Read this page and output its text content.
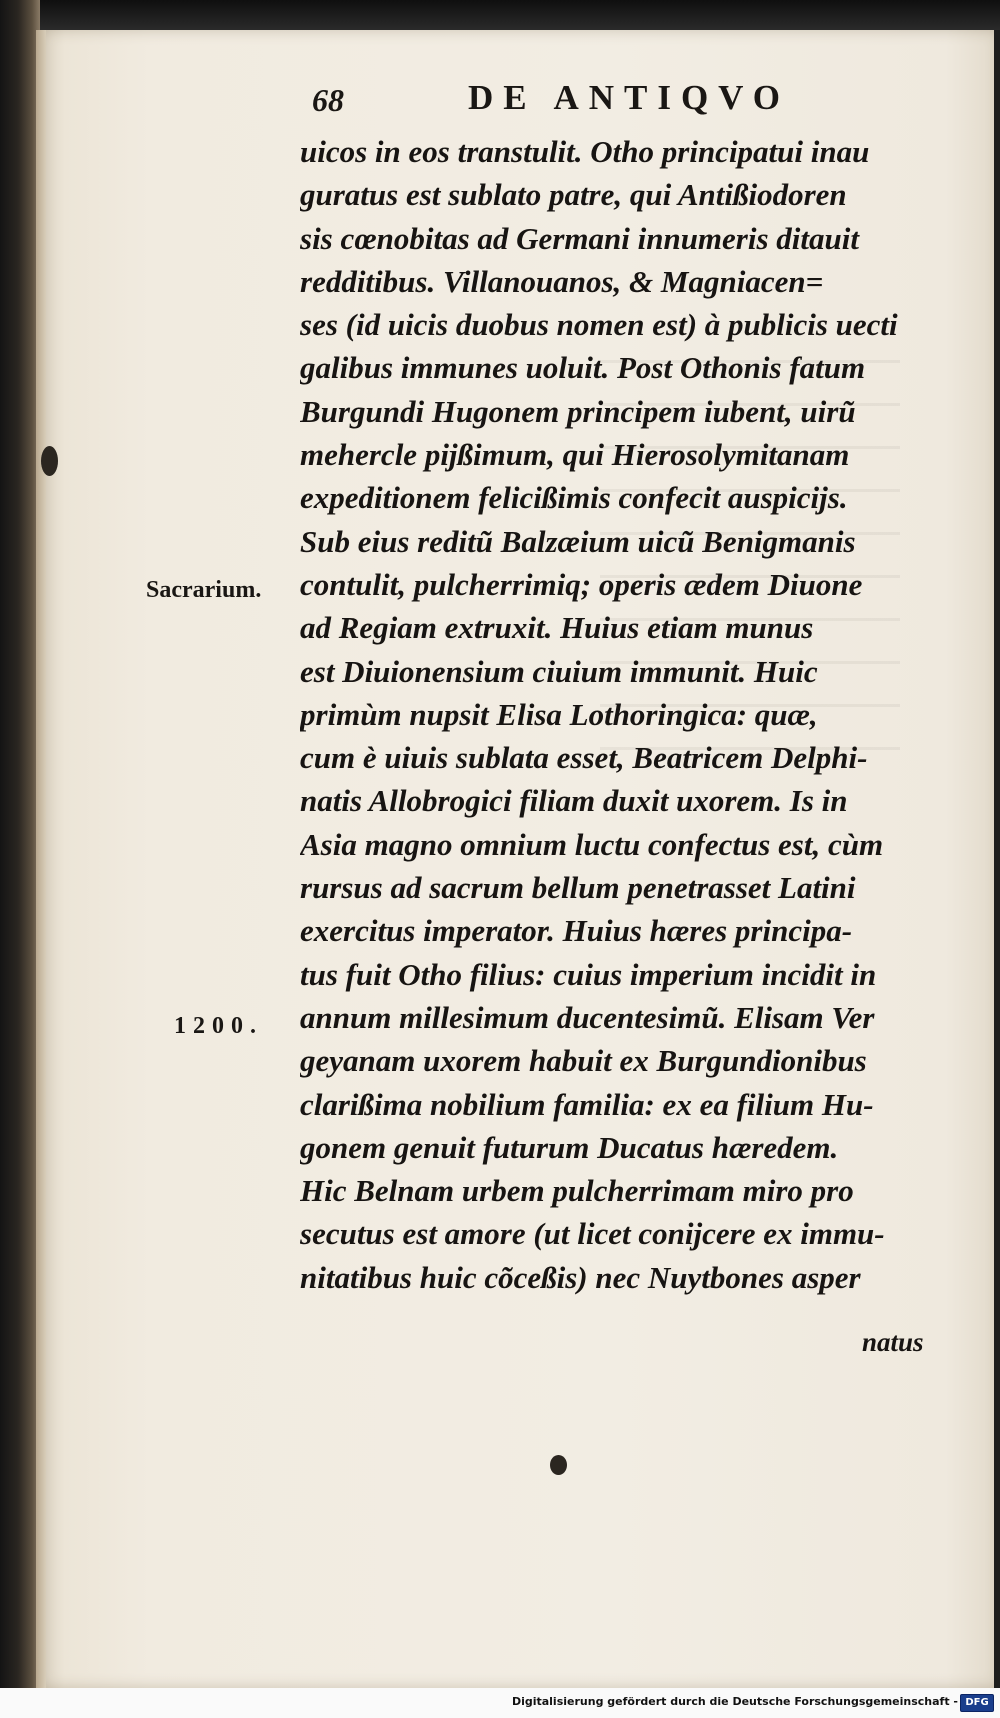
68	DE ANTIQVO
uicos in eos transtulit. Otho principatui inau
guratus est sublato patre, qui Antißiodoren
sis cœnobitas ad Germani innumeris ditauit
redditibus. Villanouanos, & Magniacen=
ses (id uicis duobus nomen est) à publicis uecti
galibus immunes uoluit. Post Othonis fatum
Burgundi Hugonem principem iubent, uirũ
mehercle pijßimum, qui Hierosolymitanam
expeditionem felicißimis confecit auspicijs.
Sub eius reditũ Balzæium uicũ Benigmanis
contulit, pulcherrimiq; operis ædem Diuone
ad Regiam extruxit. Huius etiam munus
est Diuionensium ciuium immunit. Huic
primùm nupsit Elisa Lothoringica: quæ,
cum è uiuis sublata esset, Beatricem Delphi-
natis Allobrogici filiam duxit uxorem. Is in
Asia magno omnium luctu confectus est, cùm
rursus ad sacrum bellum penetrasset Latini
exercitus imperator. Huius hæres principa-
tus fuit Otho filius: cuius imperium incidit in
annum millesimum ducentesimũ. Elisam Ver
geyanam uxorem habuit ex Burgundionibus
clarißima nobilium familia: ex ea filium Hu-
gonem genuit futurum Ducatus hæredem.
Hic Belnam urbem pulcherrimam miro pro
secutus est amore (ut licet conijcere ex immu-
nitatibus huic cõceßis) nec Nuytbones asper
natus
Sacrarium.
1200.
Digitalisierung gefördert durch die Deutsche Forschungsgemeinschaft - DFG
